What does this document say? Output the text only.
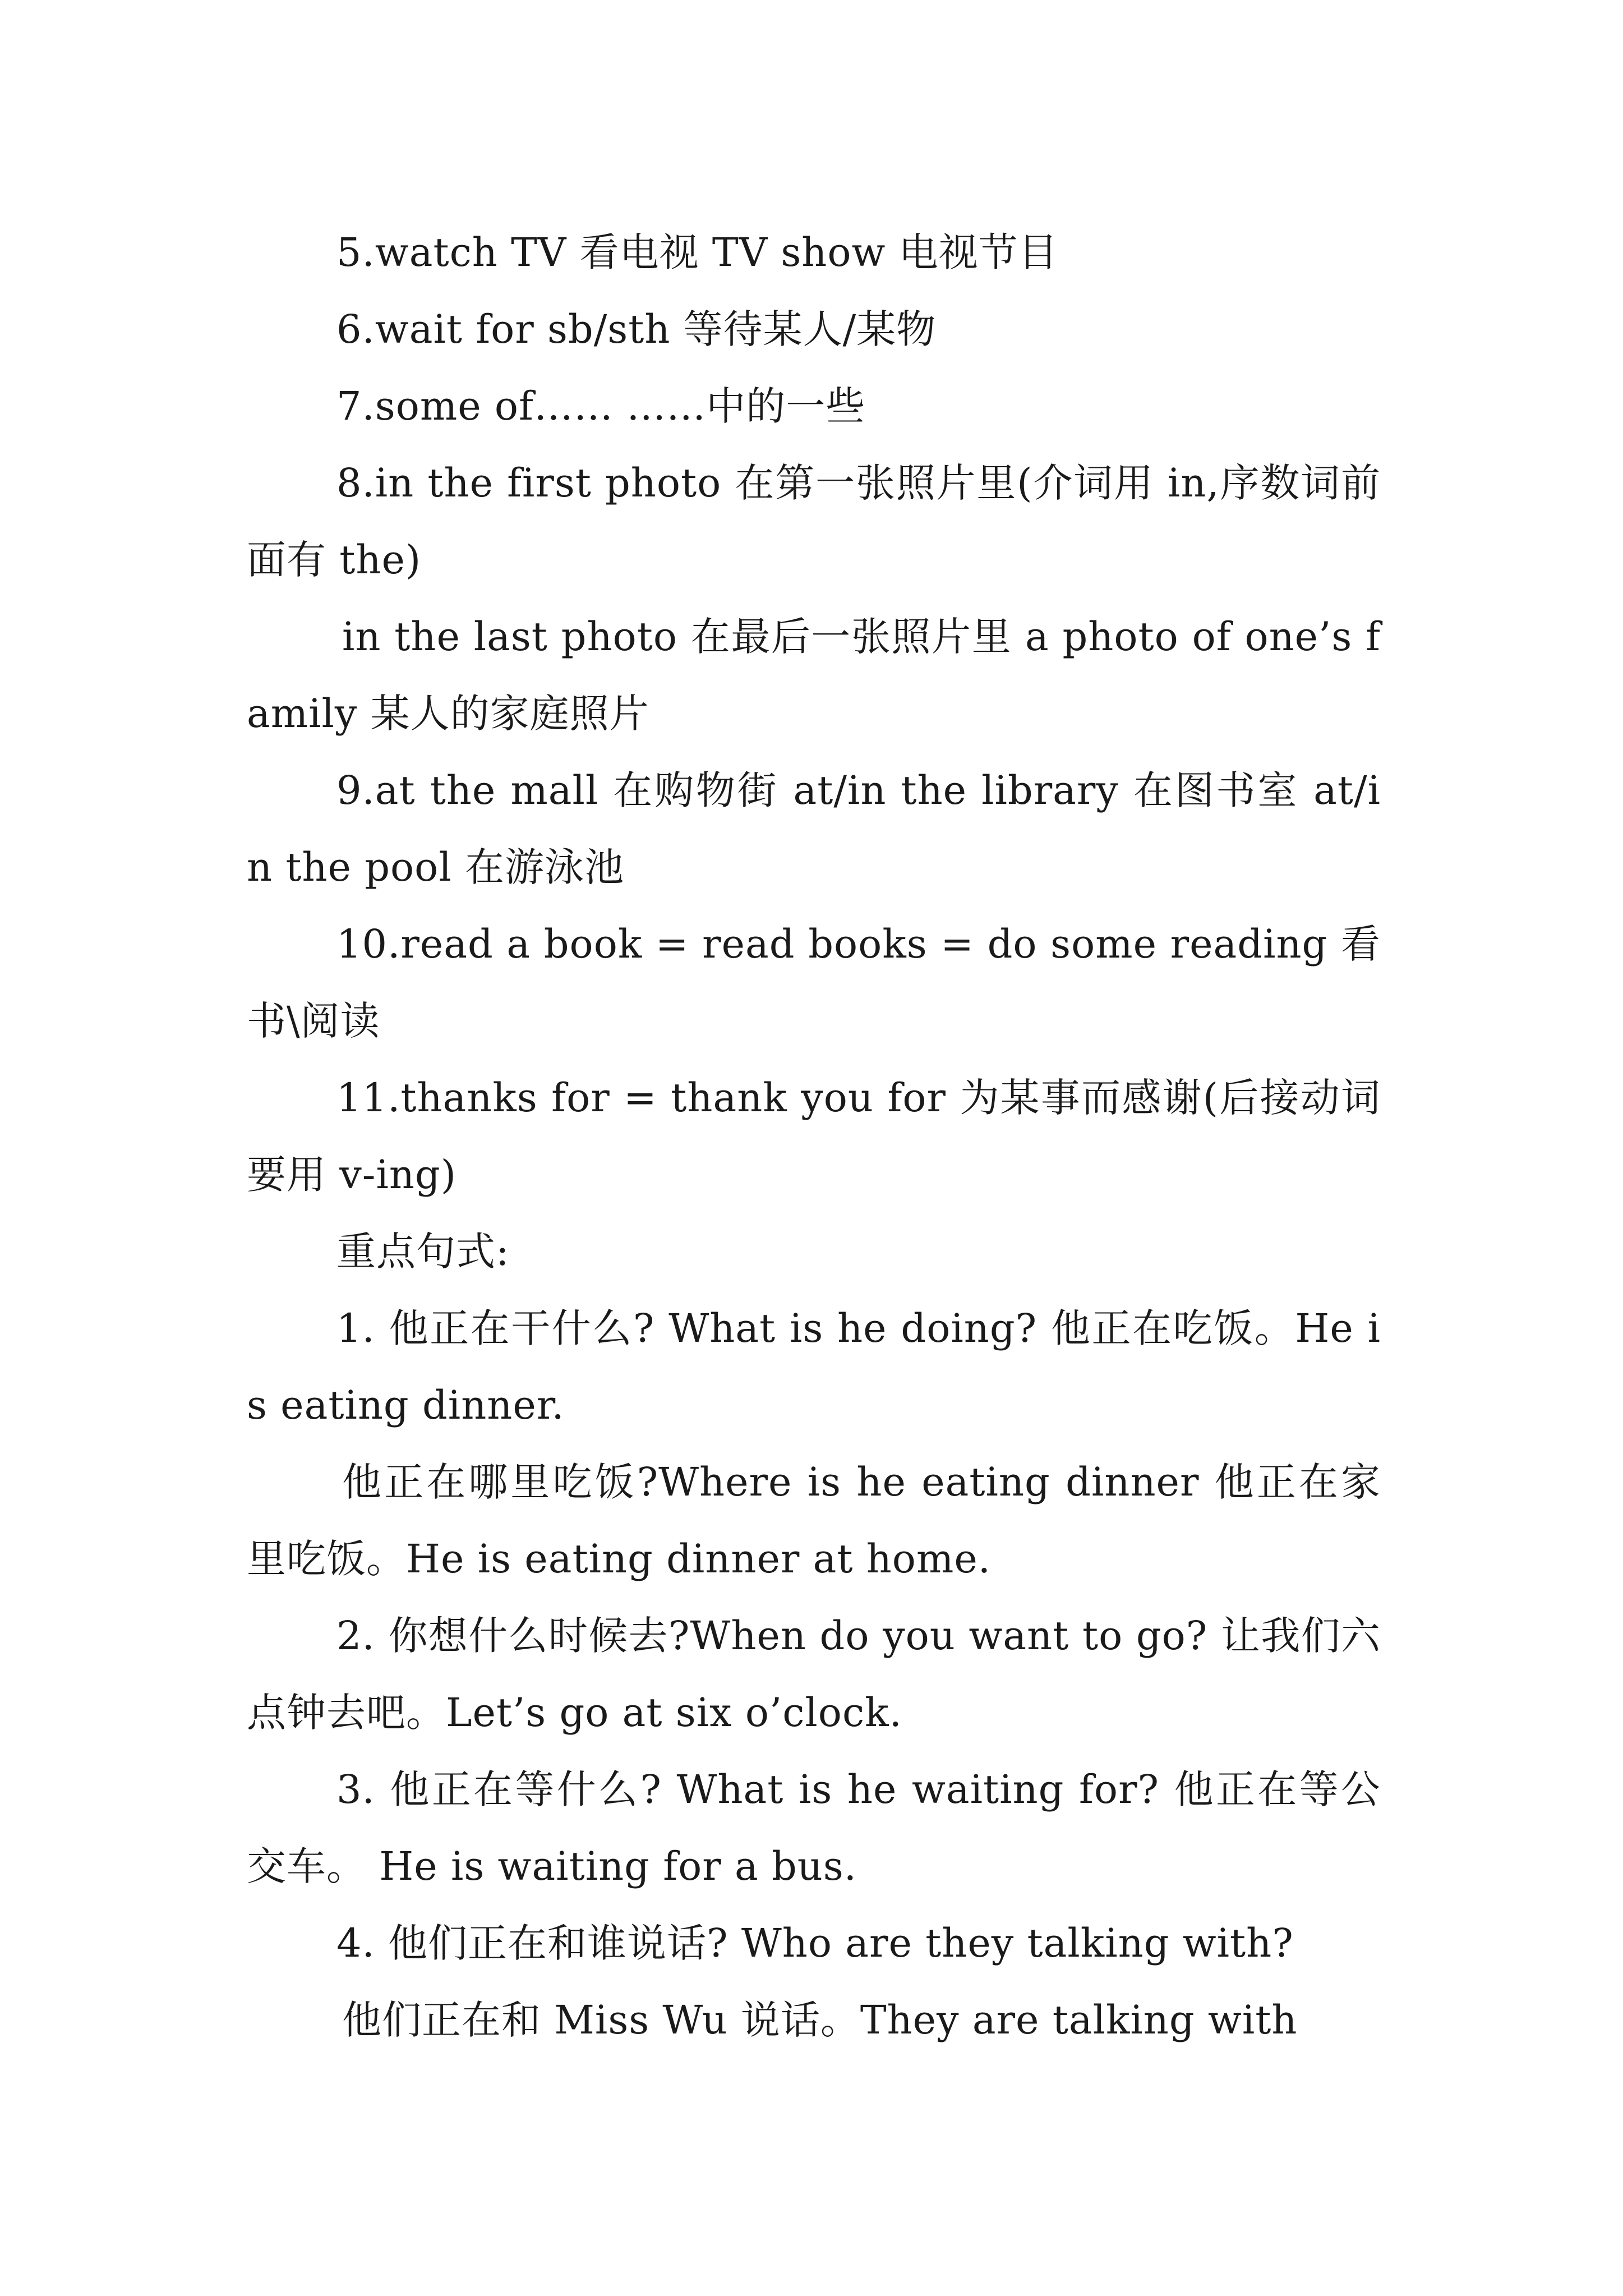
5.watch TV 看电视 TV show 电视节目

6.wait for sb/sth 等待某人/某物

7.some of…… ……中的一些

8.in the first photo 在第一张照片里(介词用 in,序数词前面有 the)

in the last photo 在最后一张照片里 a photo of one’s family 某人的家庭照片

9.at the mall 在购物街 at/in the library 在图书室 at/in the pool 在游泳池

10.read a book = read books = do some reading 看书\阅读

11.thanks for = thank you for 为某事而感谢(后接动词要用 v-ing)

重点句式:

1. 他正在干什么? What is he doing? 他正在吃饭。He is eating dinner.

他正在哪里吃饭?Where is he eating dinner 他正在家里吃饭。He is eating dinner at home.

2. 你想什么时候去?When do you want to go? 让我们六点钟去吧。Let’s go at six o’clock.

3. 他正在等什么? What is he waiting for? 他正在等公交车。 He is waiting for a bus.

4. 他们正在和谁说话? Who are they talking with?

他们正在和 Miss Wu 说话。They are talking with
